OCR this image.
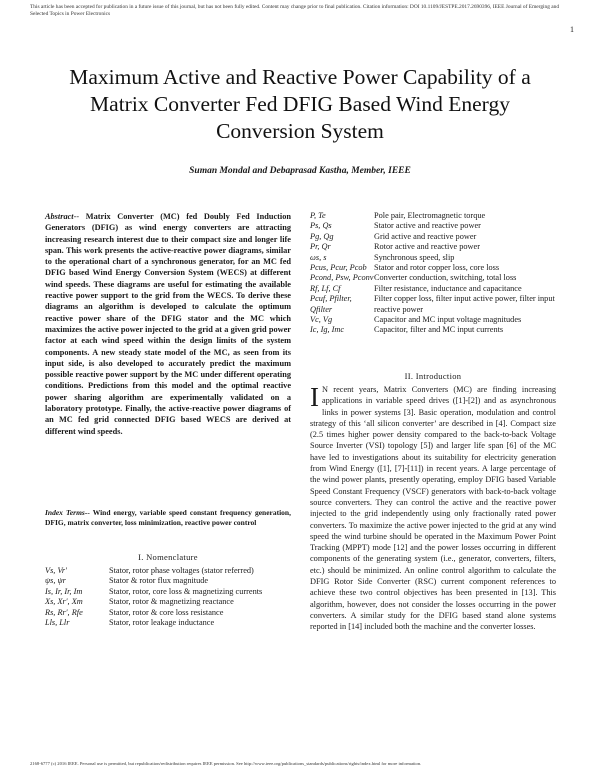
This article has been accepted for publication in a future issue of this journal, but has not been fully edited. Content may change prior to final publication. Citation information: DOI 10.1109/JESTPE.2017.2690396, IEEE Journal of Emerging and Selected Topics in Power Electronics
1
Maximum Active and Reactive Power Capability of a Matrix Converter Fed DFIG Based Wind Energy Conversion System
Suman Mondal and Debaprasad Kastha, Member, IEEE
Abstract-- Matrix Converter (MC) fed Doubly Fed Induction Generators (DFIG) as wind energy converters are attracting increasing research interest due to their compact size and longer life span. This work presents the active-reactive power diagrams, similar to the operational chart of a synchronous generator, for an MC fed DFIG based Wind Energy Conversion System (WECS) at different wind speeds. These diagrams are useful for estimating the available reactive power support to the grid from the WECS. To derive these diagrams an algorithm is developed to calculate the optimum reactive power share of the DFIG stator and the MC which maximizes the active power injected to the grid at a given grid power factor at each wind speed within the design limits of the system components. A new steady state model of the MC, as seen from its input side, is also developed to accurately predict the maximum possible reactive power support by the MC under different operating conditions. Predictions from this model and the optimal reactive power sharing algorithm are experimentally validated on a laboratory prototype. Finally, the active-reactive power diagrams of an MC fed grid connected DFIG based WECS are derived at different wind speeds.
Index Terms-- Wind energy, variable speed constant frequency generation, DFIG, matrix converter, loss minimization, reactive power control
I. Nomenclature
Vs, Vr′	Stator, rotor phase voltages (stator referred)
ψs, ψr	Stator & rotor flux magnitude
Is, Ir, Ir, Im	Stator, rotor, core loss & magnetizing currents
Xs, Xr′, Xm	Stator, rotor & magnetizing reactance
Rs, Rr′, Rfe	Stator, rotor & core loss resistance
Lls, Llr	Stator, rotor leakage inductance
P, Te	Pole pair, Electromagnetic torque
Ps, Qs	Stator active and reactive power
Pg, Qg	Grid active and reactive power
Pr, Qr	Rotor active and reactive power
ωs, s	Synchronous speed, slip
Pcus, Pcur, Pcob	Stator and rotor copper loss, core loss
Pcond, Psw, Pconv	Converter conduction, switching, total loss
Rf, Lf, Cf	Filter resistance, inductance and capacitance
Pcuf, Pfilter, Qfilter	Filter copper loss, filter input active power, filter input reactive power
Vc, Vg	Capacitor and MC input voltage magnitudes
Ic, Ig, Imc	Capacitor, filter and MC input currents
II. Introduction
I N recent years, Matrix Converters (MC) are finding increasing applications in variable speed drives ([1]-[2]) and as asynchronous links in power systems [3]. Basic operation, modulation and control strategy of this ‘all silicon converter’ are described in [4]. Compact size (2.5 times higher power density compared to the back-to-back Voltage Source Inverter (VSI) topology [5]) and larger life span [6] of the MC have led to investigations about its suitability for electricity generation from Wind Energy ([1], [7]-[11]) in recent years. A large percentage of the wind power plants, presently operating, employ DFIG based Variable Speed Constant Frequency (VSCF) generators with back-to-back voltage source converters. They can control the active and the reactive power injected to the grid independently using only fractionally rated power converters. To maximize the active power injected to the grid at any wind speed the wind turbine should be operated in the Maximum Power Point Tracking (MPPT) mode [12] and the power losses occurring in different components of the generating system (i.e., generator, converters, filters, etc.) should be minimized. An online control algorithm to calculate the DFIG Rotor Side Converter (RSC) current component references to achieve these two control objectives has been presented in [13]. This algorithm, however, does not consider the losses occurring in the power converters. A similar study for the DFIG based stand alone systems reported in [14] included both the machine and the converter losses.
2168-6777 (c) 2016 IEEE. Personal use is permitted, but republication/redistribution requires IEEE permission. See http://www.ieee.org/publications_standards/publications/rights/index.html for more information.
